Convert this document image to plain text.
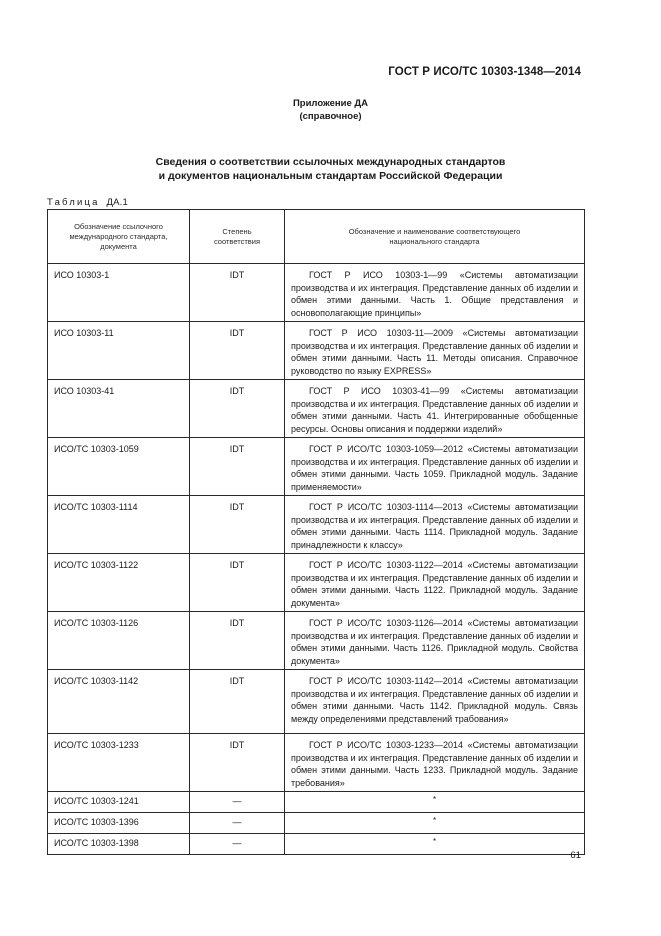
ГОСТ Р ИСО/ТС 10303-1348—2014
Приложение ДА
(справочное)
Сведения о соответствии ссылочных международных стандартов
и документов национальным стандартам Российской Федерации
Таблица ДА.1
Обозначение ссылочного международного стандарта, документа	Степень соответствия	Обозначение и наименование соответствующего национального стандарта
ИСО 10303-1	IDT	ГОСТ Р ИСО 10303-1—99 «Системы автоматизации производства и их интеграция. Представление данных об изделии и обмен этими данными. Часть 1. Общие представления и основополагающие принципы»
ИСО 10303-11	IDT	ГОСТ Р ИСО 10303-11—2009 «Системы автоматизации производства и их интеграция. Представление данных об изделии и обмен этими данными. Часть 11. Методы описания. Справочное руководство по языку EXPRESS»
ИСО 10303-41	IDT	ГОСТ Р ИСО 10303-41—99 «Системы автоматизации производства и их интеграция. Представление данных об изделии и обмен этими данными. Часть 41. Интегрированные обобщенные ресурсы. Основы описания и поддержки изделий»
ИСО/ТС 10303-1059	IDT	ГОСТ Р ИСО/ТС 10303-1059—2012 «Системы автоматизации производства и их интеграция. Представление данных об изделии и обмен этими данными. Часть 1059. Прикладной модуль. Задание применяемости»
ИСО/ТС 10303-1114	IDT	ГОСТ Р ИСО/ТС 10303-1114—2013 «Системы автоматизации производства и их интеграция. Представление данных об изделии и обмен этими данными. Часть 1114. Прикладной модуль. Задание принадлежности к классу»
ИСО/ТС 10303-1122	IDT	ГОСТ Р ИСО/ТС 10303-1122—2014 «Системы автоматизации производства и их интеграция. Представление данных об изделии и обмен этими данными. Часть 1122. Прикладной модуль. Задание документа»
ИСО/ТС 10303-1126	IDT	ГОСТ Р ИСО/ТС 10303-1126—2014 «Системы автоматизации производства и их интеграция. Представление данных об изделии и обмен этими данными. Часть 1126. Прикладной модуль. Свойства документа»
ИСО/ТС 10303-1142	IDT	ГОСТ Р ИСО/ТС 10303-1142—2014 «Системы автоматизации производства и их интеграция. Представление данных об изделии и обмен этими данными. Часть 1142. Прикладной модуль. Связь между определениями представлений трабования»
ИСО/ТС 10303-1233	IDT	ГОСТ Р ИСО/ТС 10303-1233—2014 «Системы автоматизации производства и их интеграция. Представление данных об изделии и обмен этими данными. Часть 1233. Прикладной модуль. Задание требования»
ИСО/ТС 10303-1241	—	*
ИСО/ТС 10303-1396	—	*
ИСО/ТС 10303-1398	—	*
61
